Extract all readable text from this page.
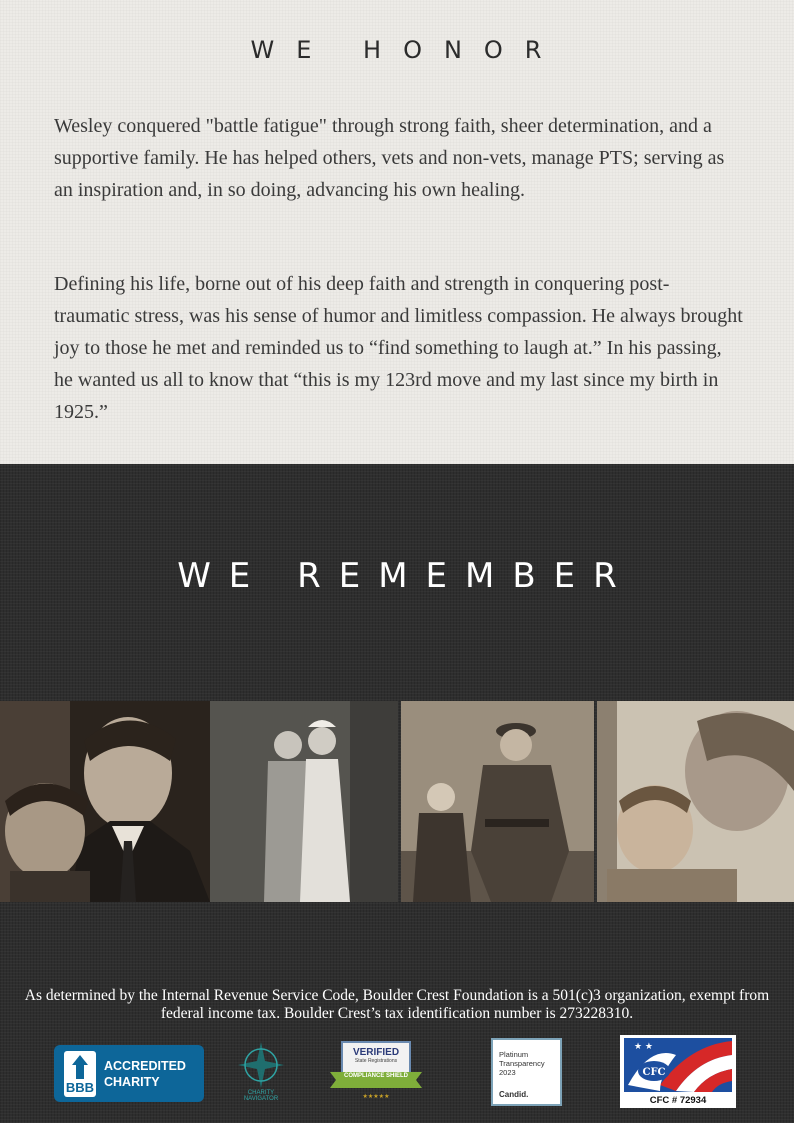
WE HONOR

Wesley conquered "battle fatigue" through strong faith, sheer determination, and a supportive family. He has helped others, vets and non-vets, manage PTS; serving as an inspiration and, in so doing, advancing his own healing.

Defining his life, borne out of his deep faith and strength in conquering post-traumatic stress, was his sense of humor and limitless compassion. He always brought joy to those he met and reminded us to “find something to laugh at.” In his passing, he wanted us all to know that “this is my 123rd move and my last since my birth in 1925.”

WE REMEMBER

As determined by the Internal Revenue Service Code, Boulder Crest Foundation is a 501(c)3 organization, exempt from federal income tax. Boulder Crest’s tax identification number is 273228310.

BBB
ACCREDITED
CHARITY
CHARITY NAVIGATOR	★★★★★
VERIFIED
State Registrations
COMPLIANCE SHIELD
Platinum
Transparency
2023
Candid.
CFC
★ ★
CFC # 72934
